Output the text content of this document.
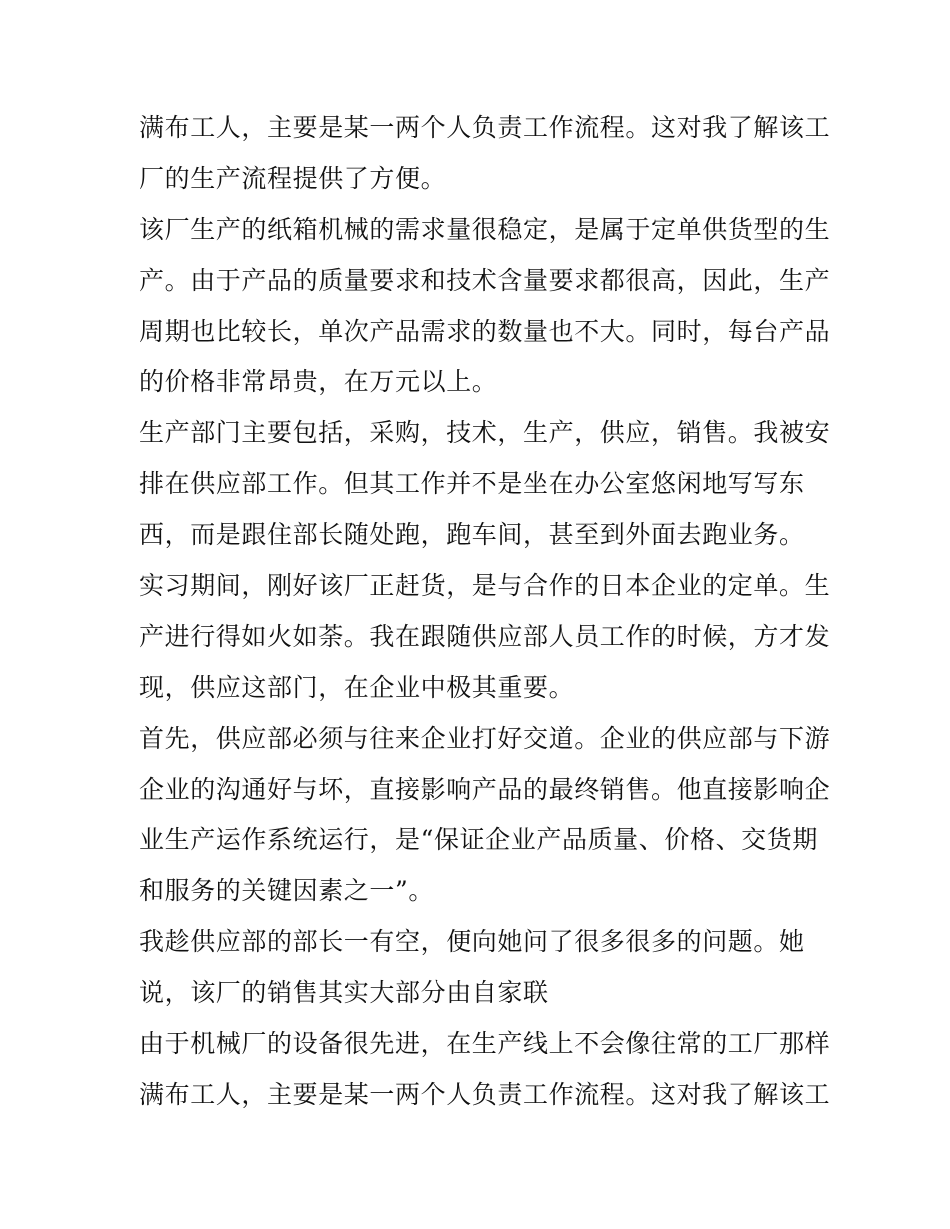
满布工人，主要是某一两个人负责工作流程。这对我了解该工
厂的生产流程提供了方便。
该厂生产的纸箱机械的需求量很稳定，是属于定单供货型的生
产。由于产品的质量要求和技术含量要求都很高，因此，生产
周期也比较长，单次产品需求的数量也不大。同时，每台产品
的价格非常昂贵，在万元以上。
生产部门主要包括，采购，技术，生产，供应，销售。我被安
排在供应部工作。但其工作并不是坐在办公室悠闲地写写东
西，而是跟住部长随处跑，跑车间，甚至到外面去跑业务。
实习期间，刚好该厂正赶货，是与合作的日本企业的定单。生
产进行得如火如荼。我在跟随供应部人员工作的时候，方才发
现，供应这部门，在企业中极其重要。
首先，供应部必须与往来企业打好交道。企业的供应部与下游
企业的沟通好与坏，直接影响产品的最终销售。他直接影响企
业生产运作系统运行，是“保证企业产品质量、价格、交货期
和服务的关键因素之一”。
我趁供应部的部长一有空，便向她问了很多很多的问题。她
说，该厂的销售其实大部分由自家联
由于机械厂的设备很先进，在生产线上不会像往常的工厂那样
满布工人，主要是某一两个人负责工作流程。这对我了解该工
